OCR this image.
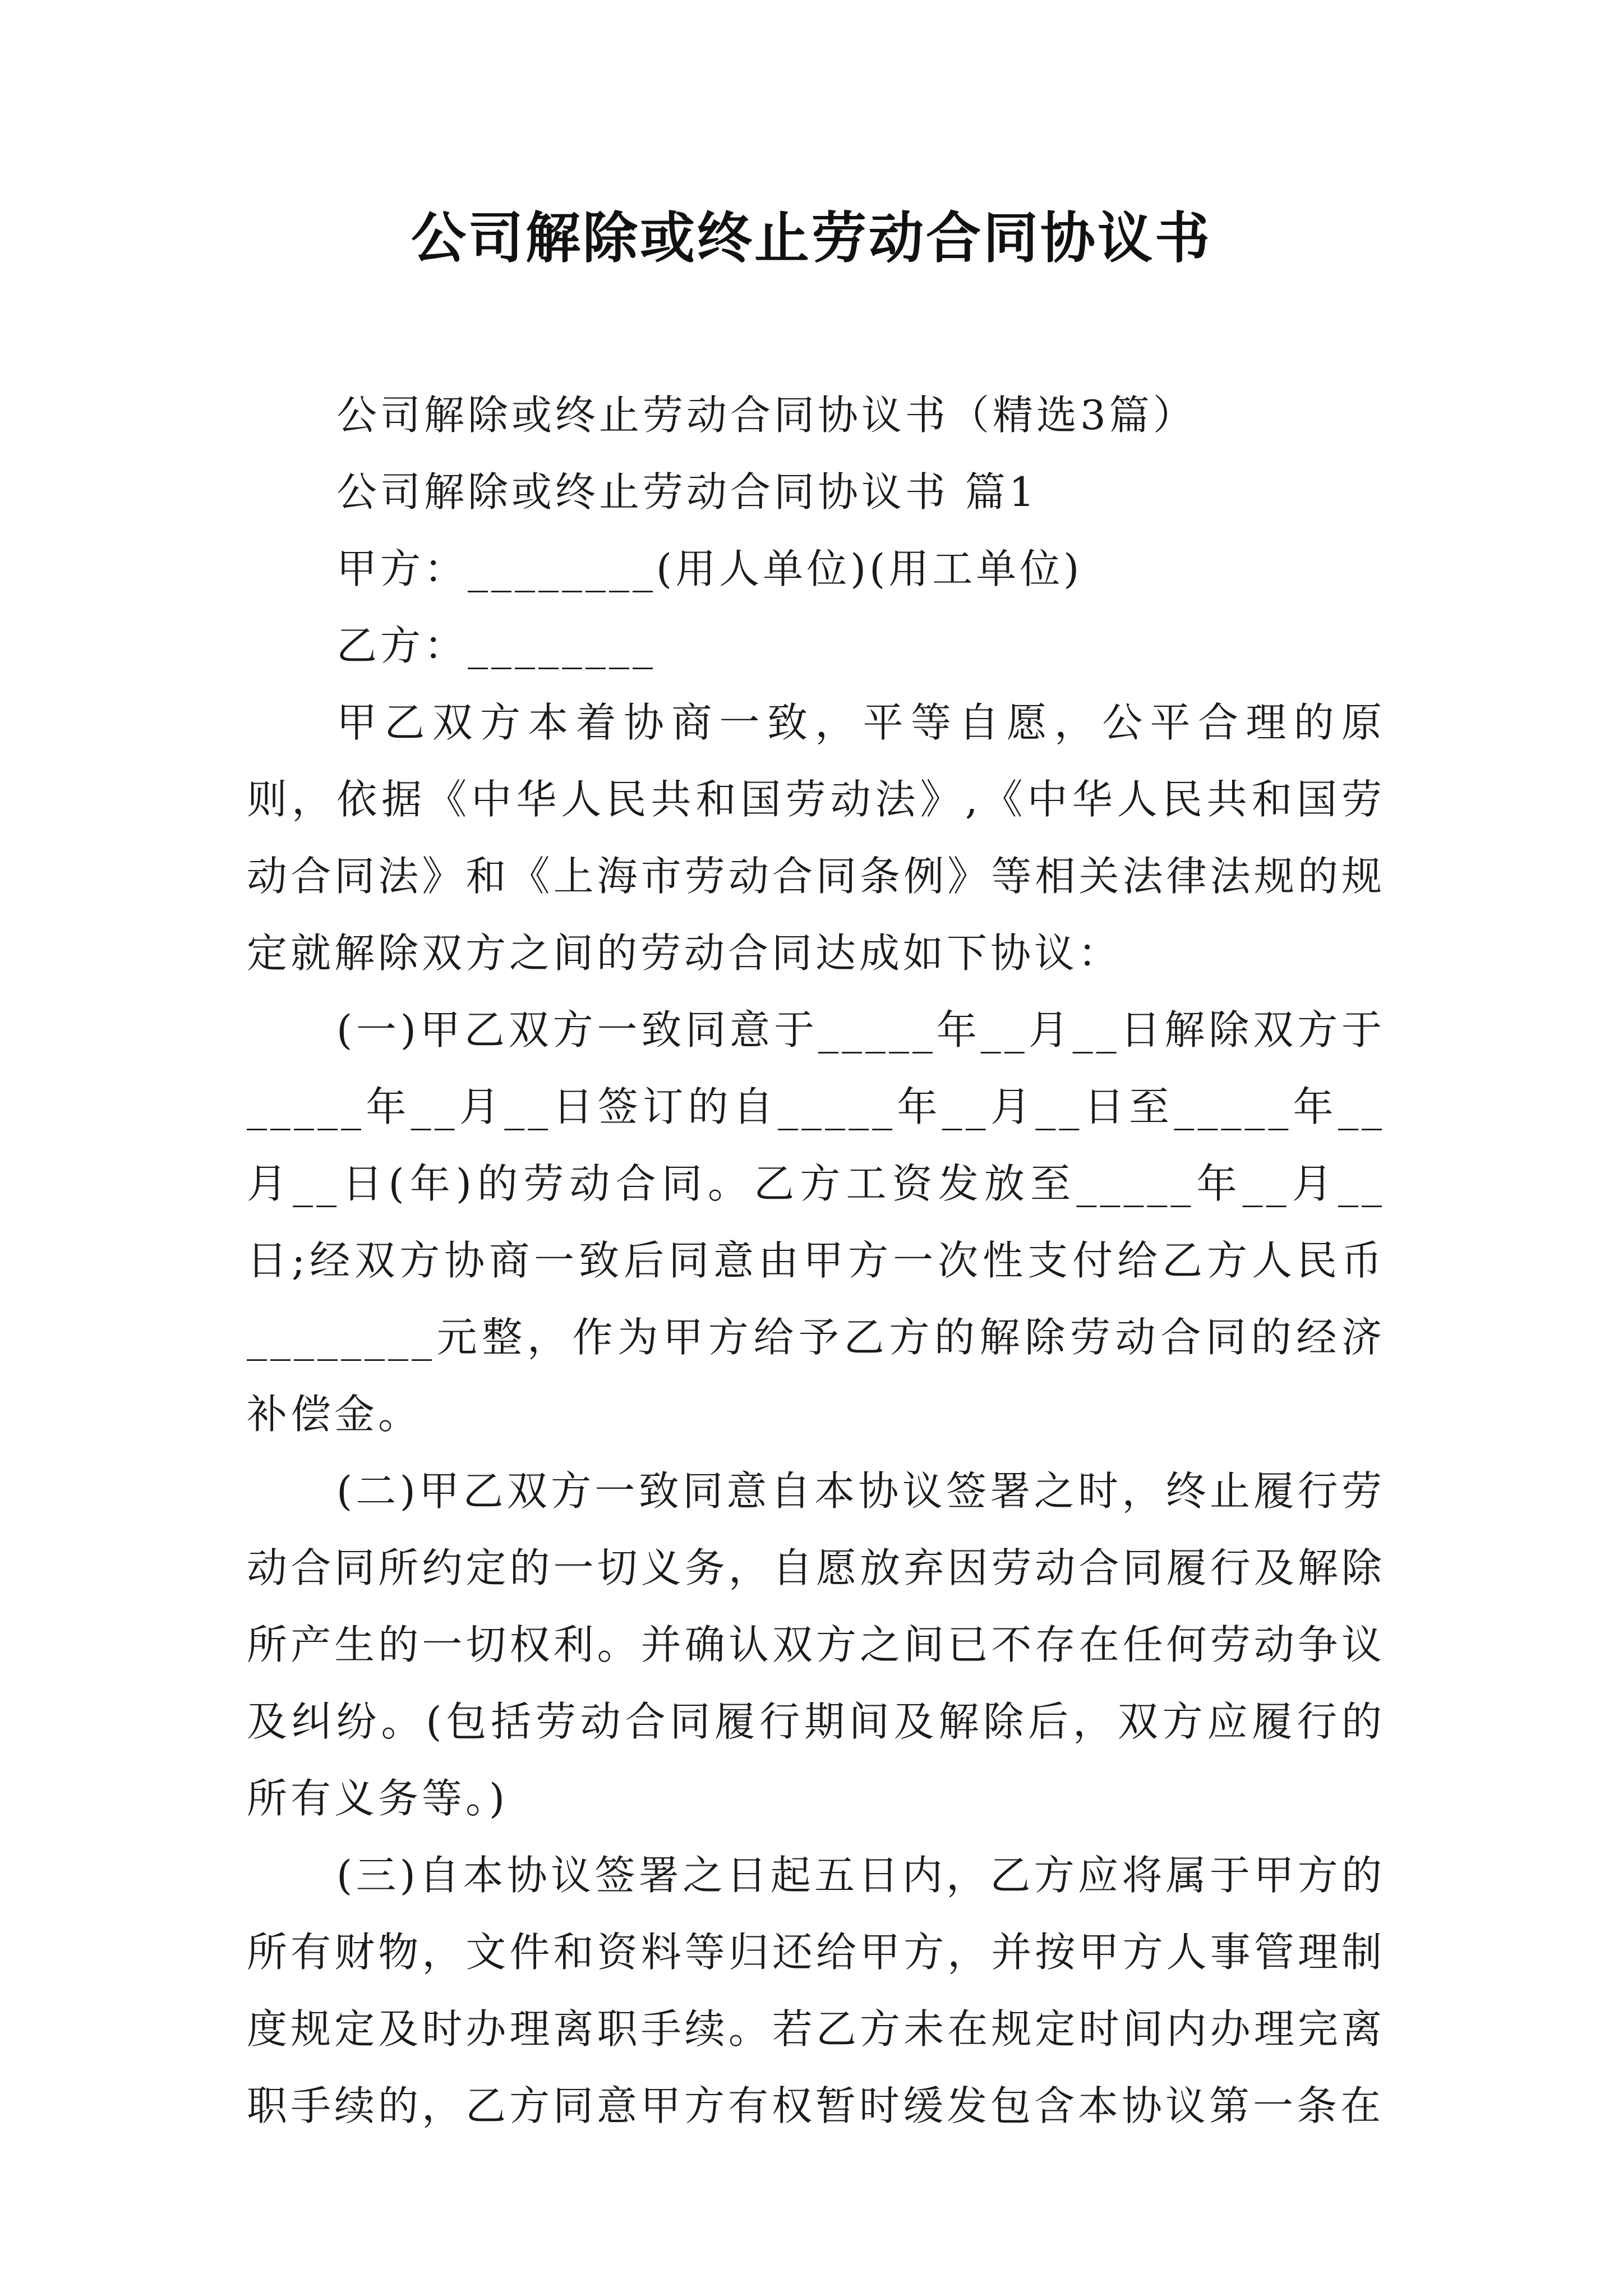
公司解除或终止劳动合同协议书

公司解除或终止劳动合同协议书（精选3篇）

公司解除或终止劳动合同协议书 篇1

甲方：________(用人单位)(用工单位)

乙方：________

甲乙双方本着协商一致，平等自愿，公平合理的原则，依据《中华人民共和国劳动法》,《中华人民共和国劳动合同法》和《上海市劳动合同条例》等相关法律法规的规定就解除双方之间的劳动合同达成如下协议：

(一)甲乙双方一致同意于_____年__月__日解除双方于_____年__月__日签订的自_____年__月__日至_____年__月__日(年)的劳动合同。乙方工资发放至_____年__月__日;经双方协商一致后同意由甲方一次性支付给乙方人民币________元整，作为甲方给予乙方的解除劳动合同的经济补偿金。

(二)甲乙双方一致同意自本协议签署之时，终止履行劳动合同所约定的一切义务，自愿放弃因劳动合同履行及解除所产生的一切权利。并确认双方之间已不存在任何劳动争议及纠纷。(包括劳动合同履行期间及解除后，双方应履行的所有义务等。)

(三)自本协议签署之日起五日内，乙方应将属于甲方的所有财物，文件和资料等归还给甲方，并按甲方人事管理制度规定及时办理离职手续。若乙方未在规定时间内办理完离职手续的，乙方同意甲方有权暂时缓发包含本协议第一条在
